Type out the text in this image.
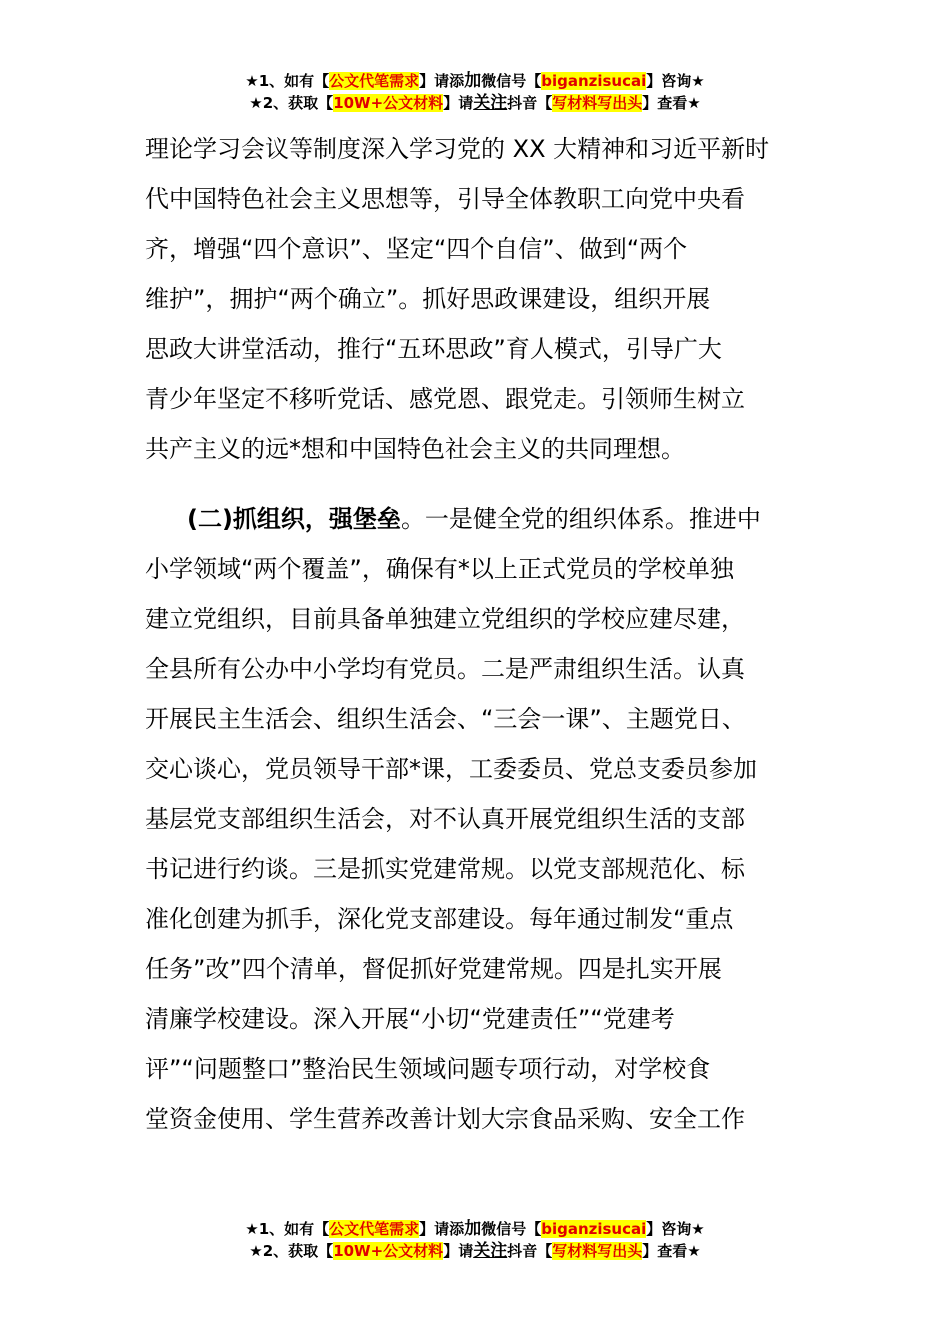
★1、如有【公文代笔需求】请添加微信号【biganzisucai】咨询★
★2、获取【10W+公文材料】请关注抖音【写材料写出头】查看★

理论学习会议等制度深入学习党的 XX 大精神和习近平新时
代中国特色社会主义思想等，引导全体教职工向党中央看
齐，增强“四个意识”、坚定“四个自信”、做到“两个
维护”，拥护“两个确立”。抓好思政课建设，组织开展
思政大讲堂活动，推行“五环思政”育人模式，引导广大
青少年坚定不移听党话、感党恩、跟党走。引领师生树立
共产主义的远*想和中国特色社会主义的共同理想。

(二)抓组织，强堡垒。一是健全党的组织体系。推进中
小学领域“两个覆盖”，确保有*以上正式党员的学校单独
建立党组织，目前具备单独建立党组织的学校应建尽建，
全县所有公办中小学均有党员。二是严肃组织生活。认真
开展民主生活会、组织生活会、“三会一课”、主题党日、
交心谈心，党员领导干部*课，工委委员、党总支委员参加
基层党支部组织生活会，对不认真开展党组织生活的支部
书记进行约谈。三是抓实党建常规。以党支部规范化、标
准化创建为抓手，深化党支部建设。每年通过制发“重点
任务”改”四个清单，督促抓好党建常规。四是扎实开展
清廉学校建设。深入开展“小切“党建责任”“党建考
评”“问题整口”整治民生领域问题专项行动，对学校食
堂资金使用、学生营养改善计划大宗食品采购、安全工作

★1、如有【公文代笔需求】请添加微信号【biganzisucai】咨询★
★2、获取【10W+公文材料】请关注抖音【写材料写出头】查看★
